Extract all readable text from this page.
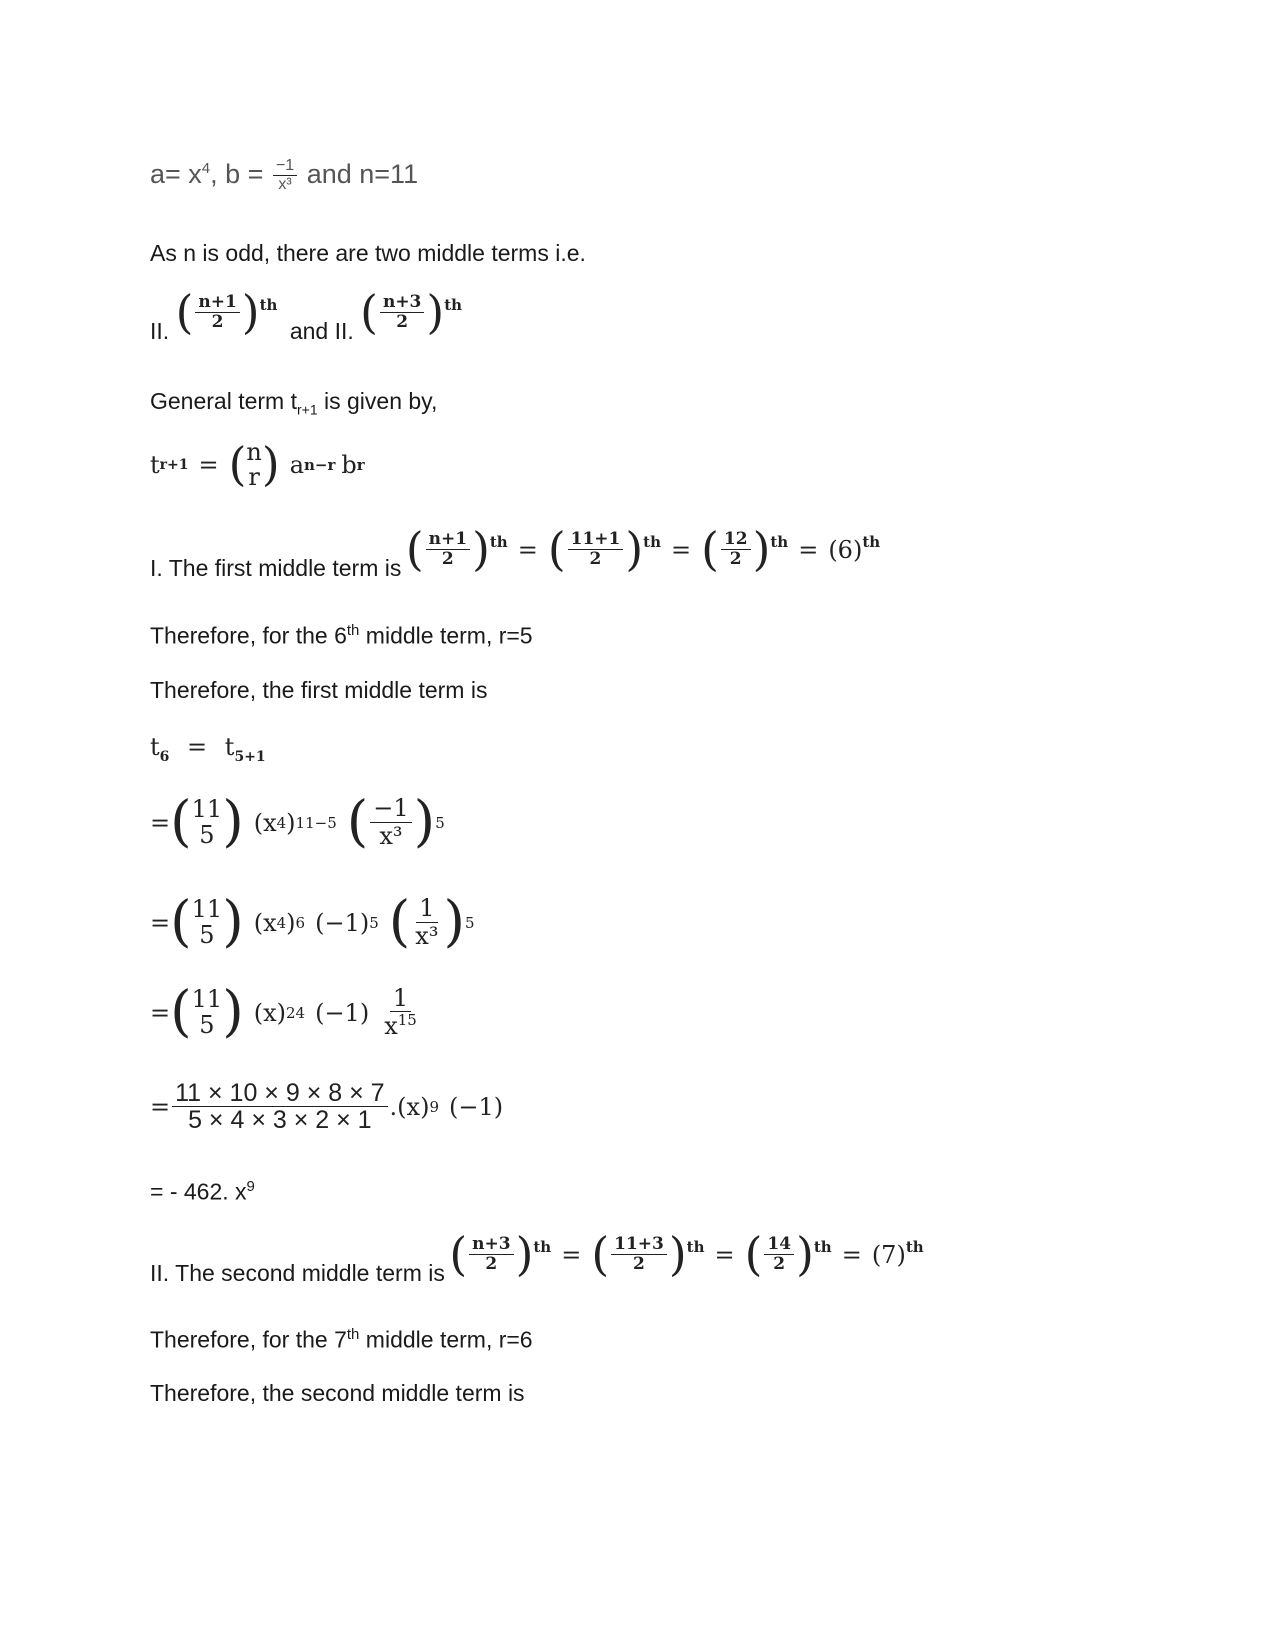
$a= x^4$, $b = \frac{-1}{\text{x³}}$ and n=11
As n is odd, there are two middle terms i.e.
II. ( $\frac{n+1}{2} )^{th}$
and II. ( $\frac{n+3}{2} )^{th}$
General term $t_{r+1}$ is given by,
t r+1 = ( n
r ) a n−r b r
I. The first middle term is ( $\frac{n+1}{2} )^{th}$ = ( $\frac{11+1}{2} )^{th}$ = ( $\frac{12}{2} )^{th} = (6)^{th}$
Therefore, for the 6th middle term, r=5
Therefore, the first middle term is
$t_6 = t_{5+1}$
= ( 11
5 ) (x 4 ) 11−5 ( $\frac{-1}{\text{x³}}$ ) 5
= ( 11
5 ) (x 4 ) 6 (−1) 5 ( $\frac{1}{\text{x³}}$ ) 5
= ( 11
5 ) (x) 24 $(-1) \frac{1}{x^{15}}$
= $\frac{11 \times 10 \times 9 \times 8 \times 7}{5 \times 4 \times 3 \times 2 \times 1} .(x)$ 9 (−1)
= - 462. $x^9$
II. The second middle term is ( $\frac{n+3}{2} )^{th}$ = ( $\frac{11+3}{2} )^{th}$ = ( $\frac{14}{2} )^{th} = (7)^{th}$
Therefore, for the 7th middle term, r=6
Therefore, the second middle term is
